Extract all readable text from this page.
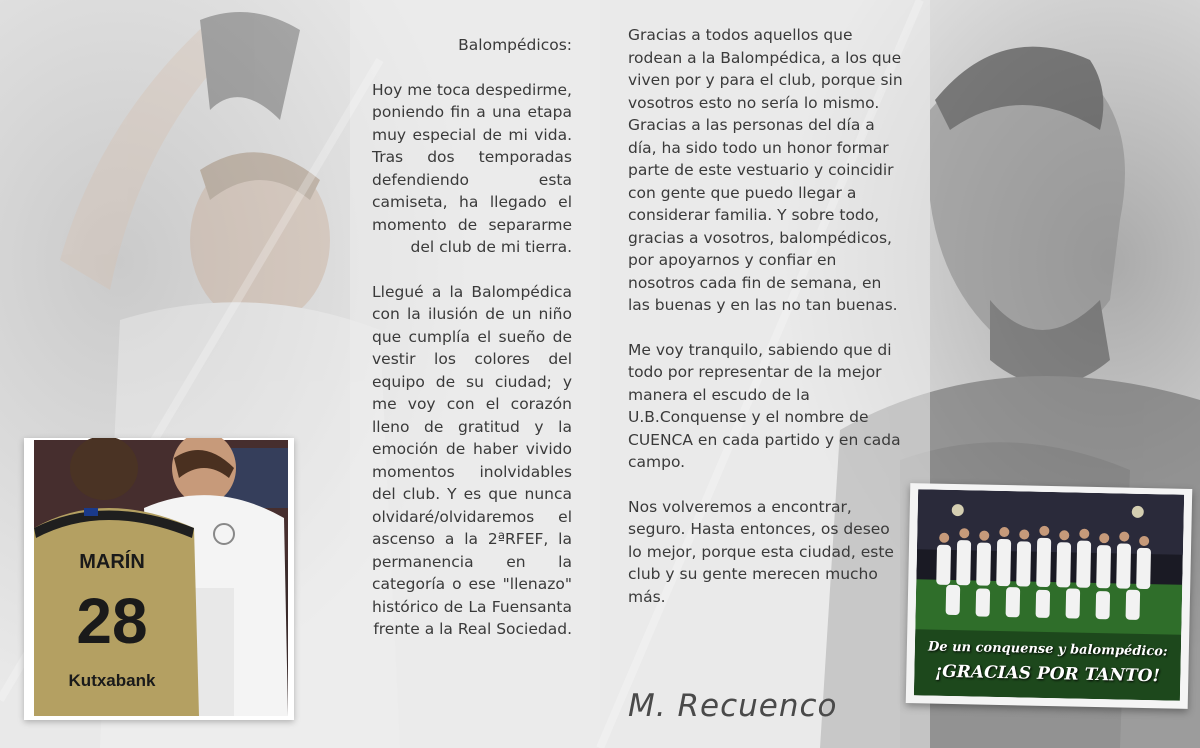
Balompédicos:

Hoy me toca despedirme, poniendo fin a una etapa muy especial de mi vida. Tras dos temporadas defendiendo esta camiseta, ha llegado el momento de separarme del club de mi tierra.

Llegué a la Balompédica con la ilusión de un niño que cumplía el sueño de vestir los colores del equipo de su ciudad; y me voy con el corazón lleno de gratitud y la emoción de haber vivido momentos inolvidables del club. Y es que nunca olvidaré/olvidaremos el ascenso a la 2ªRFEF, la permanencia en la categoría o ese "llenazo" histórico de La Fuensanta frente a la Real Sociedad.

Gracias a todos aquellos que rodean a la Balompédica, a los que viven por y para el club, porque sin vosotros esto no sería lo mismo. Gracias a las personas del día a día, ha sido todo un honor formar parte de este vestuario y coincidir con gente que puedo llegar a considerar familia. Y sobre todo, gracias a vosotros, balompédicos, por apoyarnos y confiar en nosotros cada fin de semana, en las buenas y en las no tan buenas.

Me voy tranquilo, sabiendo que di todo por representar de la mejor manera el escudo de la U.B.Conquense y el nombre de CUENCA en cada partido y en cada campo.

Nos volveremos a encontrar, seguro. Hasta entonces, os deseo lo mejor, porque esta ciudad, este club y su gente merecen mucho más.

M. Recuenco
MARÍN
28
Kutxabank
De un conquense y balompédico:
¡GRACIAS POR TANTO!
